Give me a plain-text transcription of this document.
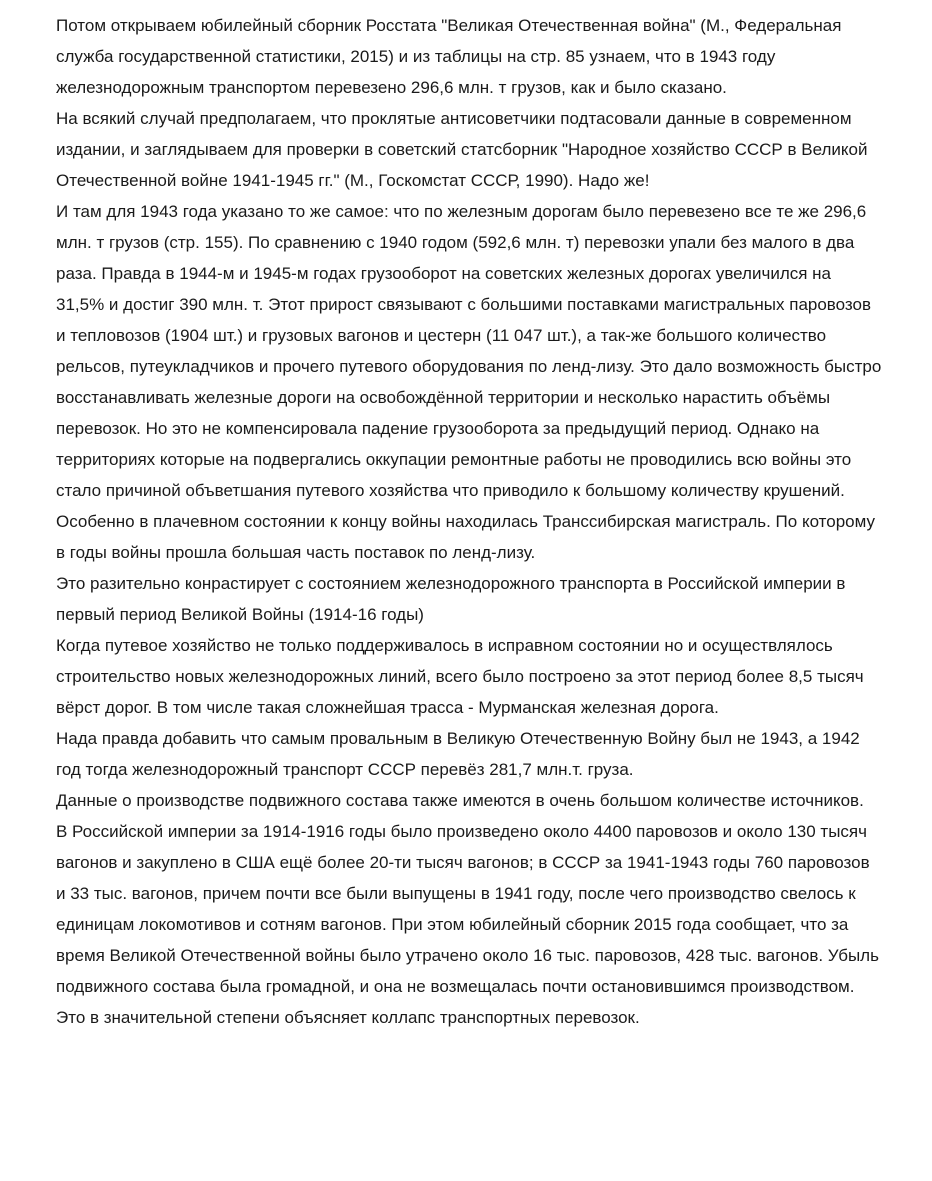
Потом открываем юбилейный сборник Росстата "Великая Отечественная война" (М., Федеральная служба государственной статистики, 2015) и из таблицы на стр. 85 узнаем, что в 1943 году железнодорожным транспортом перевезено 296,6 млн. т грузов, как и было сказано.

На всякий случай предполагаем, что проклятые антисоветчики подтасовали данные в современном издании, и заглядываем для проверки в советский статсборник "Народное хозяйство СССР в Великой Отечественной войне 1941-1945 гг." (М., Госкомстат СССР, 1990). Надо же!

И там для 1943 года указано то же самое: что по железным дорогам было перевезено все те же 296,6 млн. т грузов (стр. 155). По сравнению с 1940 годом (592,6 млн. т) перевозки упали без малого в два раза. Правда в 1944-м и 1945-м годах грузооборот на советских железных дорогах увеличился на 31,5% и достиг 390 млн. т. Этот прирост связывают с большими поставками магистральных паровозов и тепловозов (1904 шт.) и грузовых вагонов и цестерн (11 047 шт.), а так-же большого количество рельсов, путеукладчиков и прочего путевого оборудования по ленд-лизу. Это дало возможность быстро восстанавливать железные дороги на освобождённой территории и несколько нарастить объёмы перевозок. Но это не компенсировала падение грузооборота за предыдущий период. Однако на территориях которые на подвергались оккупации ремонтные работы не проводились всю войны это стало причиной объветшания путевого хозяйства что приводило к большому количеству крушений. Особенно в плачевном состоянии к концу войны находилась Транссибирская магистраль. По которому в годы войны прошла большая часть поставок по ленд-лизу.

Это разительно конрастирует с состоянием железнодорожного транспорта в Российской империи в первый период Великой Войны (1914-16 годы)

Когда путевое хозяйство не только поддерживалось в исправном состоянии но и осуществлялось строительство новых железнодорожных линий, всего было построено за этот период более 8,5 тысяч вёрст дорог. В том числе такая сложнейшая трасса - Мурманская железная дорога.

Нада правда добавить что самым провальным в Великую Отечественную Войну был не 1943, а 1942 год тогда железнодорожный транспорт СССР перевёз 281,7 млн.т. груза.

Данные о производстве подвижного состава также имеются в очень большом количестве источников.

В Российской империи за 1914-1916 годы было произведено около 4400 паровозов и около 130 тысяч вагонов и закуплено в США ещё более 20-ти тысяч вагонов; в СССР за 1941-1943 годы 760 паровозов и 33 тыс. вагонов, причем почти все были выпущены в 1941 году, после чего производство свелось к единицам локомотивов и сотням вагонов. При этом юбилейный сборник 2015 года сообщает, что за время Великой Отечественной войны было утрачено около 16 тыс. паровозов, 428 тыс. вагонов. Убыль подвижного состава была громадной, и она не возмещалась почти остановившимся производством. Это в значительной степени объясняет коллапс транспортных перевозок.
